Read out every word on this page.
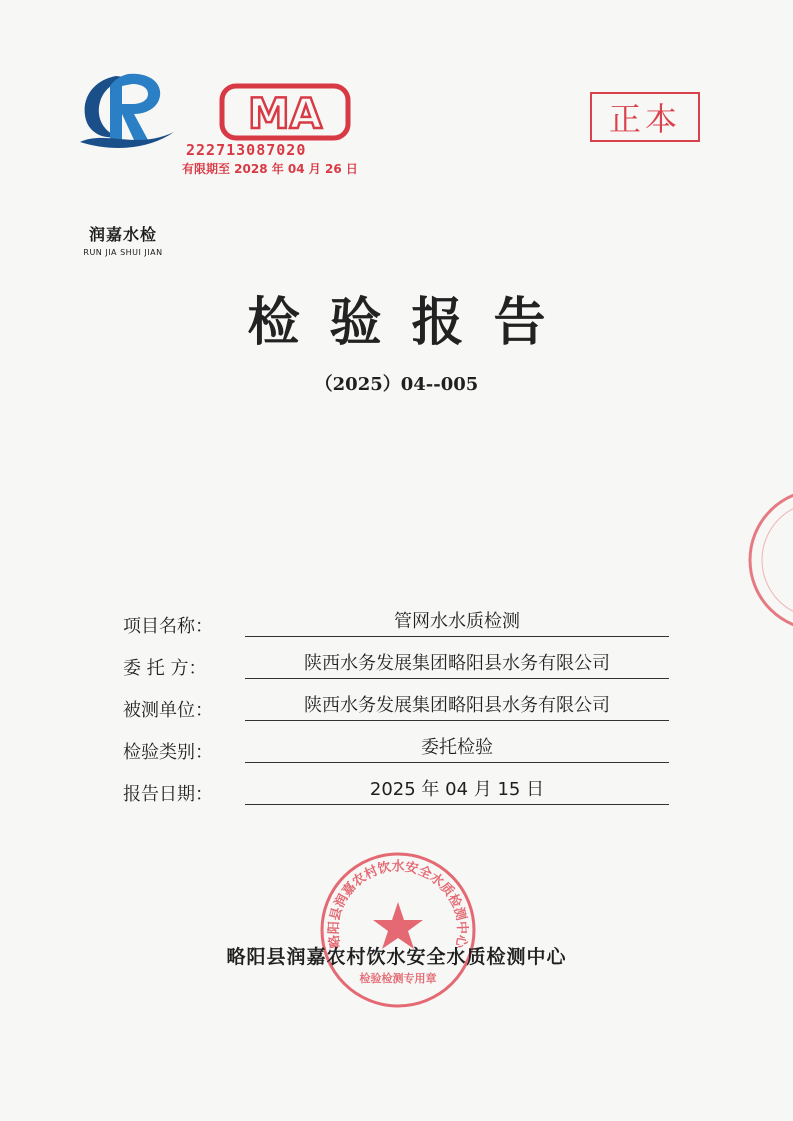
润嘉水检
RUN JIA SHUI JIAN
MA
222713087020
有限期至 2028 年 04 月 26 日
正本
检验报告
（2025）04--005
项目名称：	管网水水质检测
委 托 方：	陕西水务发展集团略阳县水务有限公司
被测单位：	陕西水务发展集团略阳县水务有限公司
检验类别：	委托检验
报告日期：	2025 年 04 月 15 日
略阳县润嘉农村饮水安全水质检测中心
检验检测专用章
略阳县润嘉农村饮水安全水质检测中心
